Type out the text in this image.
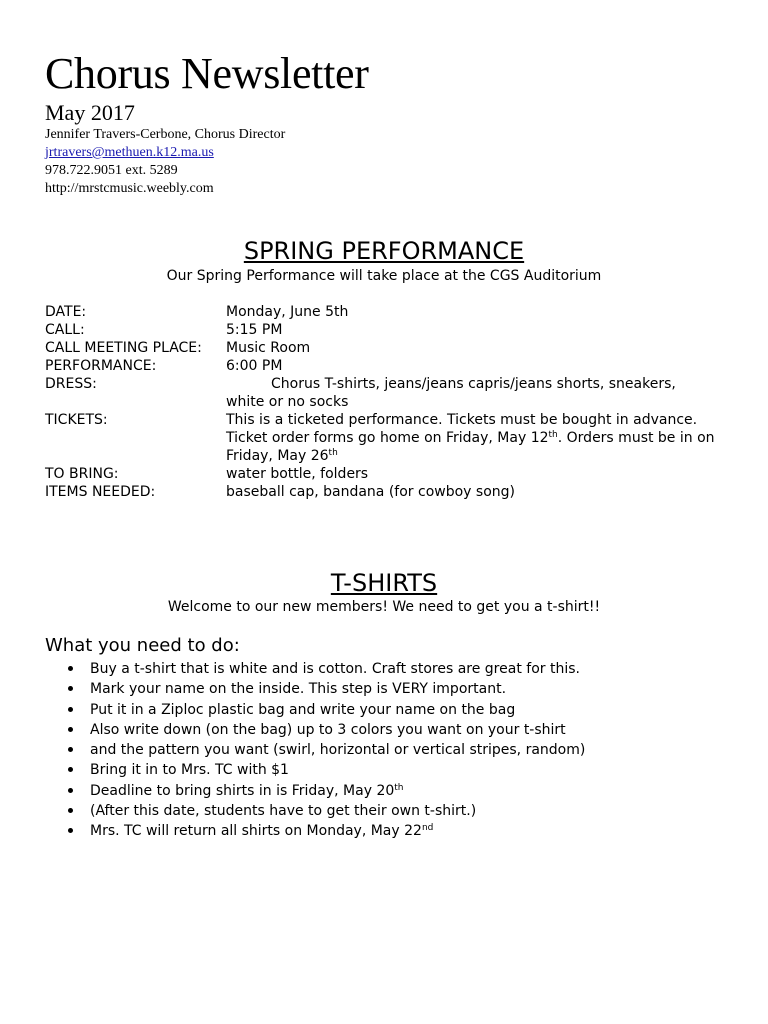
Chorus Newsletter
May 2017
Jennifer Travers-Cerbone, Chorus Director
jrtravers@methuen.k12.ma.us
978.722.9051 ext. 5289
http://mrstcmusic.weebly.com
SPRING PERFORMANCE
Our Spring Performance will take place at the CGS Auditorium
DATE:	Monday, June 5th
CALL:	5:15 PM
CALL MEETING PLACE:	Music Room
PERFORMANCE:	6:00 PM
DRESS:	Chorus T-shirts, jeans/jeans capris/jeans shorts, sneakers,

white or no socks

TICKETS:	This is a ticketed performance. Tickets must be bought in advance.

Ticket order forms go home on Friday, May 12th. Orders must be in on Friday, May 26th

TO BRING:	water bottle, folders
ITEMS NEEDED:	baseball cap, bandana (for cowboy song)
T-SHIRTS
Welcome to our new members! We need to get you a t-shirt!!
What you need to do:
Buy a t-shirt that is white and is cotton. Craft stores are great for this.
Mark your name on the inside. This step is VERY important.
Put it in a Ziploc plastic bag and write your name on the bag
Also write down (on the bag) up to 3 colors you want on your t-shirt
and the pattern you want (swirl, horizontal or vertical stripes, random)
Bring it in to Mrs. TC with $1
Deadline to bring shirts in is Friday, May 20th
(After this date, students have to get their own t-shirt.)
Mrs. TC will return all shirts on Monday, May 22nd
